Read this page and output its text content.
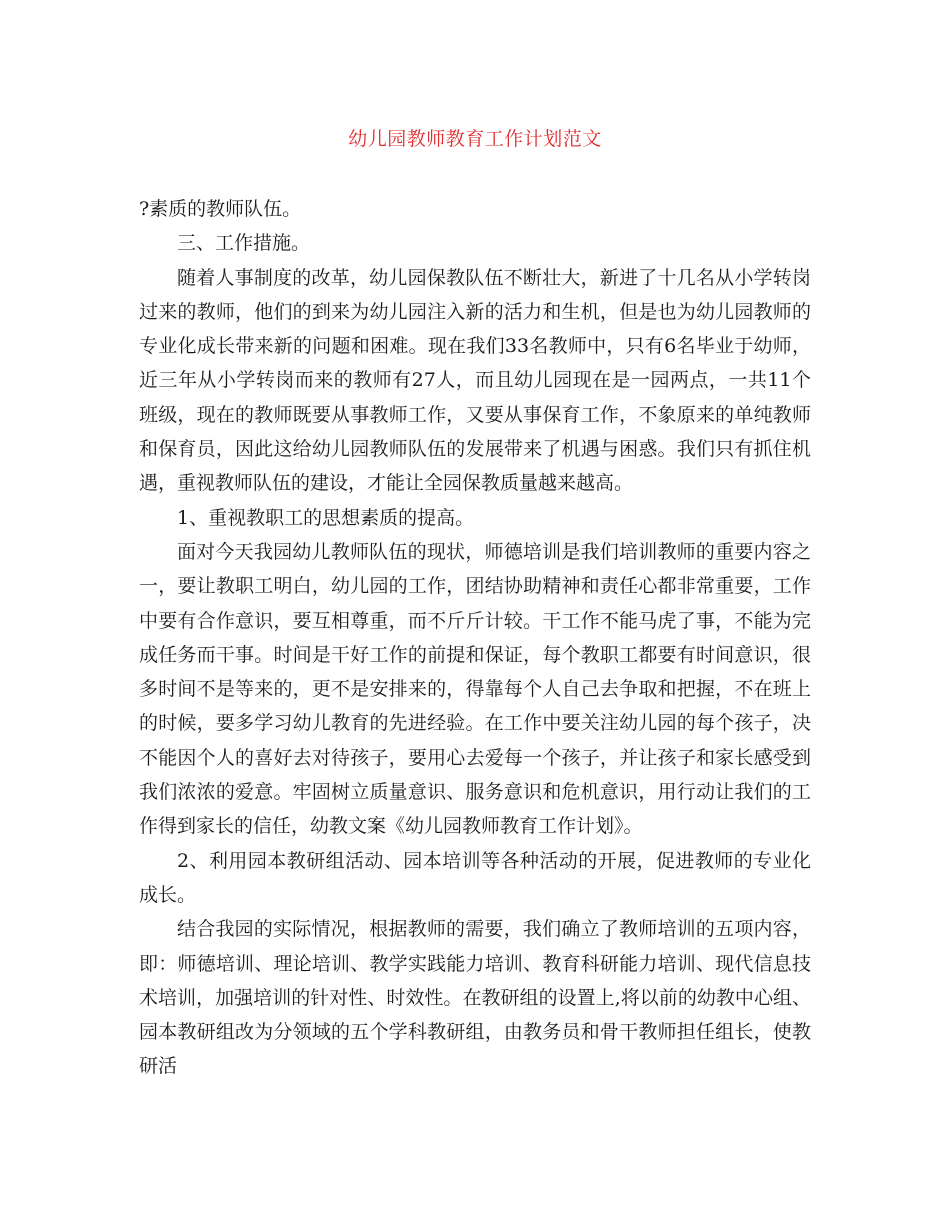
幼儿园教师教育工作计划范文

?素质的教师队伍。

三、工作措施。

随着人事制度的改革，幼儿园保教队伍不断壮大，新进了十几名从小学转岗过来的教师，他们的到来为幼儿园注入新的活力和生机，但是也为幼儿园教师的专业化成长带来新的问题和困难。现在我们33名教师中，只有6名毕业于幼师，近三年从小学转岗而来的教师有27人，而且幼儿园现在是一园两点，一共11个班级，现在的教师既要从事教师工作，又要从事保育工作，不象原来的单纯教师和保育员，因此这给幼儿园教师队伍的发展带来了机遇与困惑。我们只有抓住机遇，重视教师队伍的建设，才能让全园保教质量越来越高。

1、重视教职工的思想素质的提高。

面对今天我园幼儿教师队伍的现状，师德培训是我们培训教师的重要内容之一，要让教职工明白，幼儿园的工作，团结协助精神和责任心都非常重要，工作中要有合作意识，要互相尊重，而不斤斤计较。干工作不能马虎了事，不能为完成任务而干事。时间是干好工作的前提和保证，每个教职工都要有时间意识，很多时间不是等来的，更不是安排来的，得靠每个人自己去争取和把握，不在班上的时候，要多学习幼儿教育的先进经验。在工作中要关注幼儿园的每个孩子，决不能因个人的喜好去对待孩子，要用心去爱每一个孩子，并让孩子和家长感受到我们浓浓的爱意。牢固树立质量意识、服务意识和危机意识，用行动让我们的工作得到家长的信任，幼教文案《幼儿园教师教育工作计划》。

2、利用园本教研组活动、园本培训等各种活动的开展，促进教师的专业化成长。

结合我园的实际情况，根据教师的需要，我们确立了教师培训的五项内容，即：师德培训、理论培训、教学实践能力培训、教育科研能力培训、现代信息技术培训，加强培训的针对性、时效性。在教研组的设置上,将以前的幼教中心组、园本教研组改为分领域的五个学科教研组，由教务员和骨干教师担任组长，使教研活
